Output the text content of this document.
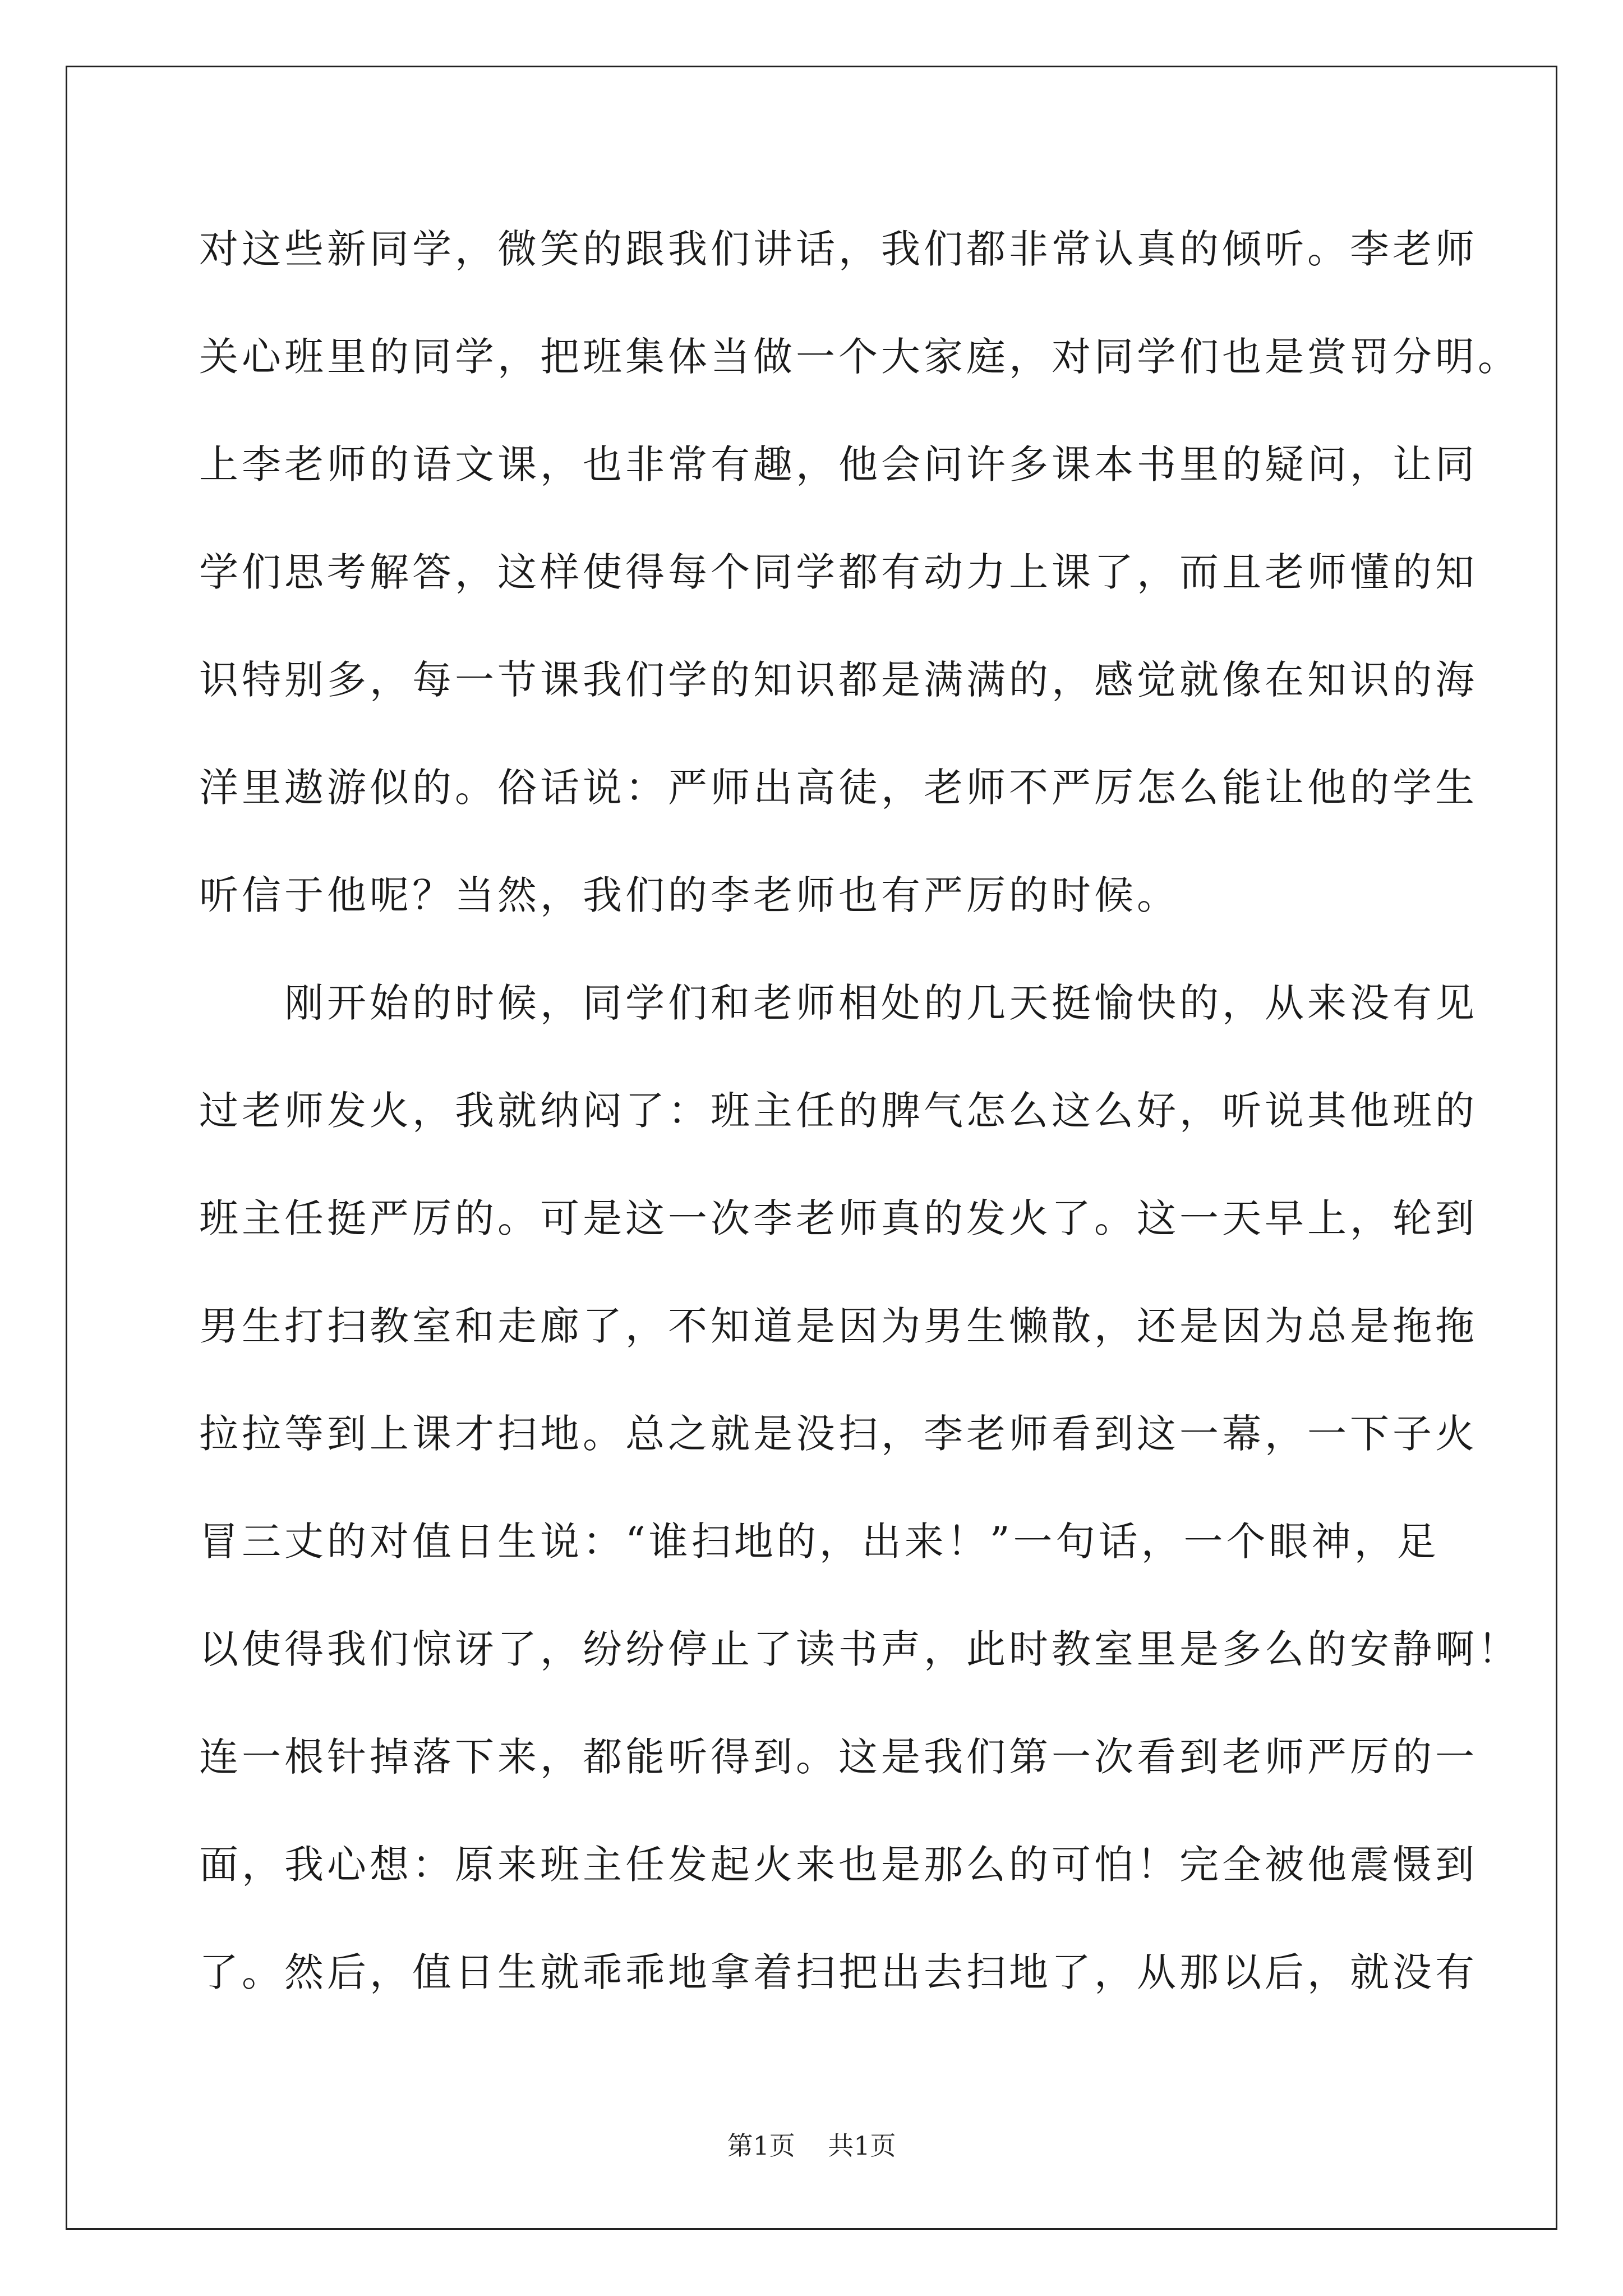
对这些新同学，微笑的跟我们讲话，我们都非常认真的倾听。李老师
关心班里的同学，把班集体当做一个大家庭，对同学们也是赏罚分明。
上李老师的语文课，也非常有趣，他会问许多课本书里的疑问，让同
学们思考解答，这样使得每个同学都有动力上课了，而且老师懂的知
识特别多，每一节课我们学的知识都是满满的，感觉就像在知识的海
洋里遨游似的。俗话说：严师出高徒，老师不严厉怎么能让他的学生
听信于他呢？当然，我们的李老师也有严厉的时候。
刚开始的时候，同学们和老师相处的几天挺愉快的，从来没有见
过老师发火，我就纳闷了：班主任的脾气怎么这么好，听说其他班的
班主任挺严厉的。可是这一次李老师真的发火了。这一天早上，轮到
男生打扫教室和走廊了，不知道是因为男生懒散，还是因为总是拖拖
拉拉等到上课才扫地。总之就是没扫，李老师看到这一幕，一下子火
冒三丈的对值日生说：“谁扫地的，出来！”一句话，一个眼神，足
以使得我们惊讶了，纷纷停止了读书声，此时教室里是多么的安静啊！
连一根针掉落下来，都能听得到。这是我们第一次看到老师严厉的一
面，我心想：原来班主任发起火来也是那么的可怕！完全被他震慑到
了。然后，值日生就乖乖地拿着扫把出去扫地了，从那以后，就没有
第1页    共1页
